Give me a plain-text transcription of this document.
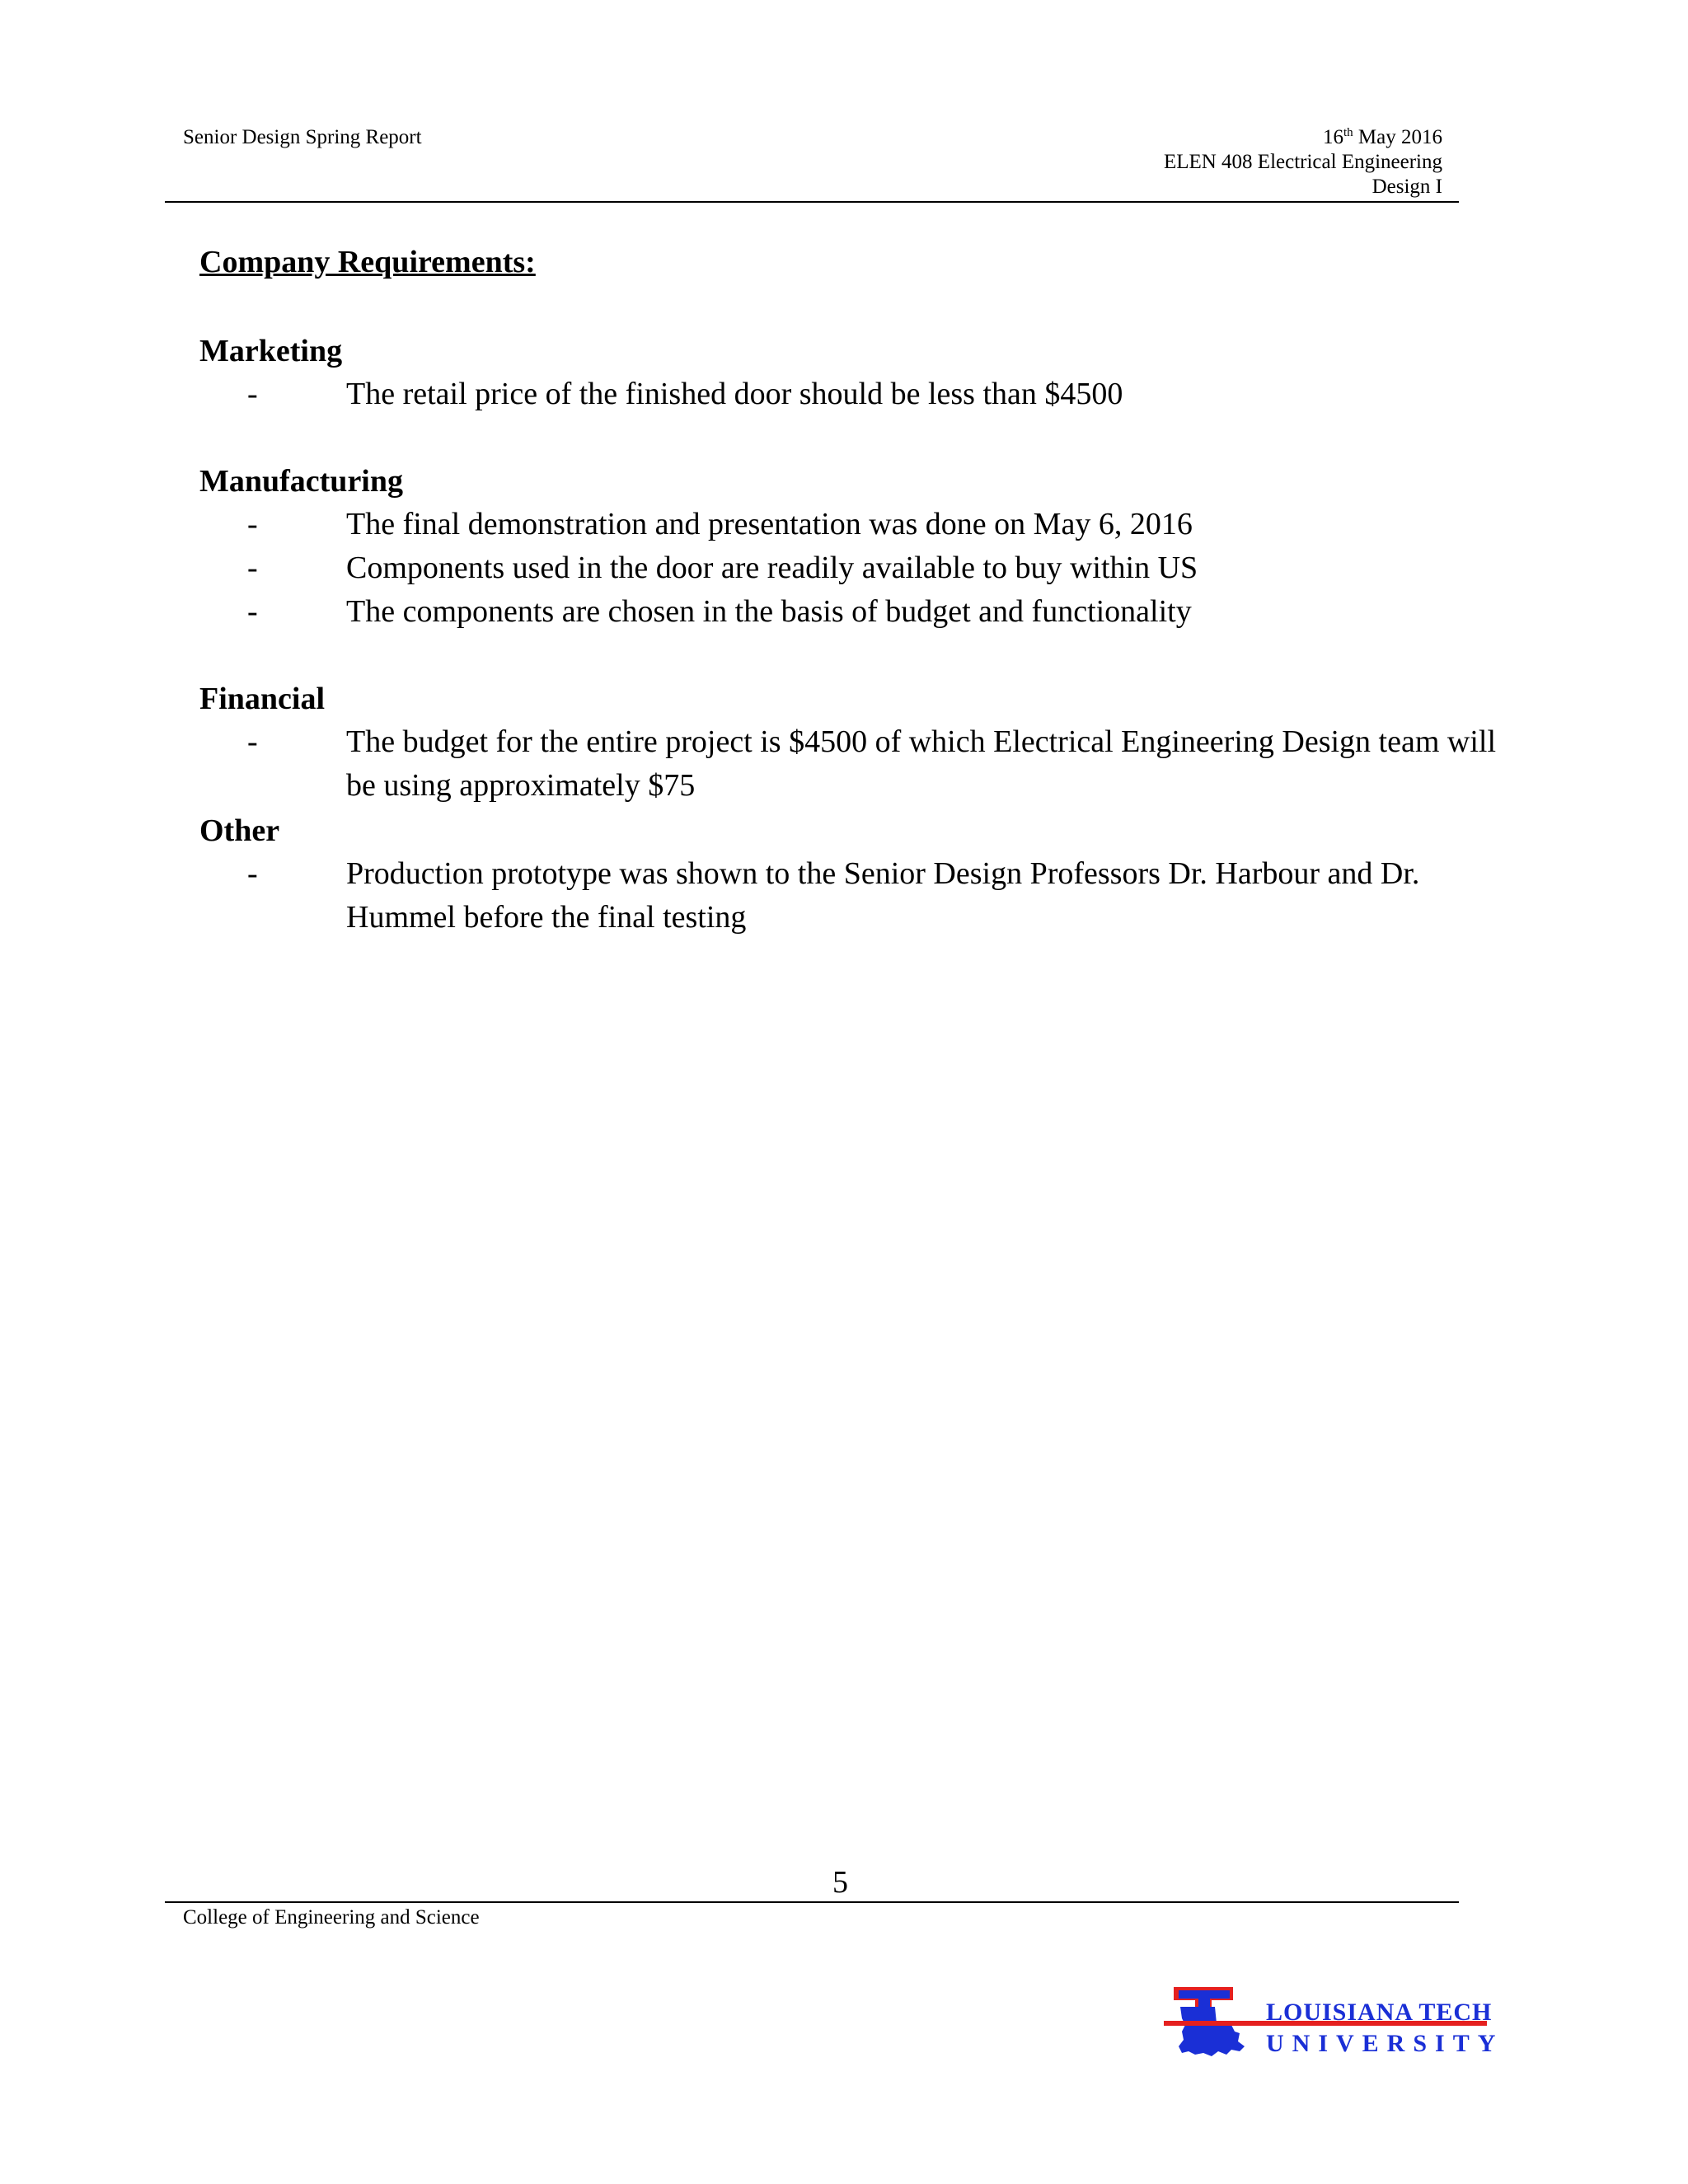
Senior Design Spring Report	16th May 2016
ELEN 408 Electrical Engineering
Design I
Company Requirements:
Marketing
-	The retail price of the finished door should be less than $4500
Manufacturing
-	The final demonstration and presentation was done on May 6, 2016
-	Components used in the door are readily available to buy within US
-	The components are chosen in the basis of budget and functionality
Financial
-	The budget for the entire project is $4500 of which Electrical Engineering Design team will be using approximately $75
Other
-	Production prototype was shown to the Senior Design Professors Dr. Harbour and Dr. Hummel before the final testing
5
College of Engineering and Science
LOUISIANA TECH
UNIVERSITY
